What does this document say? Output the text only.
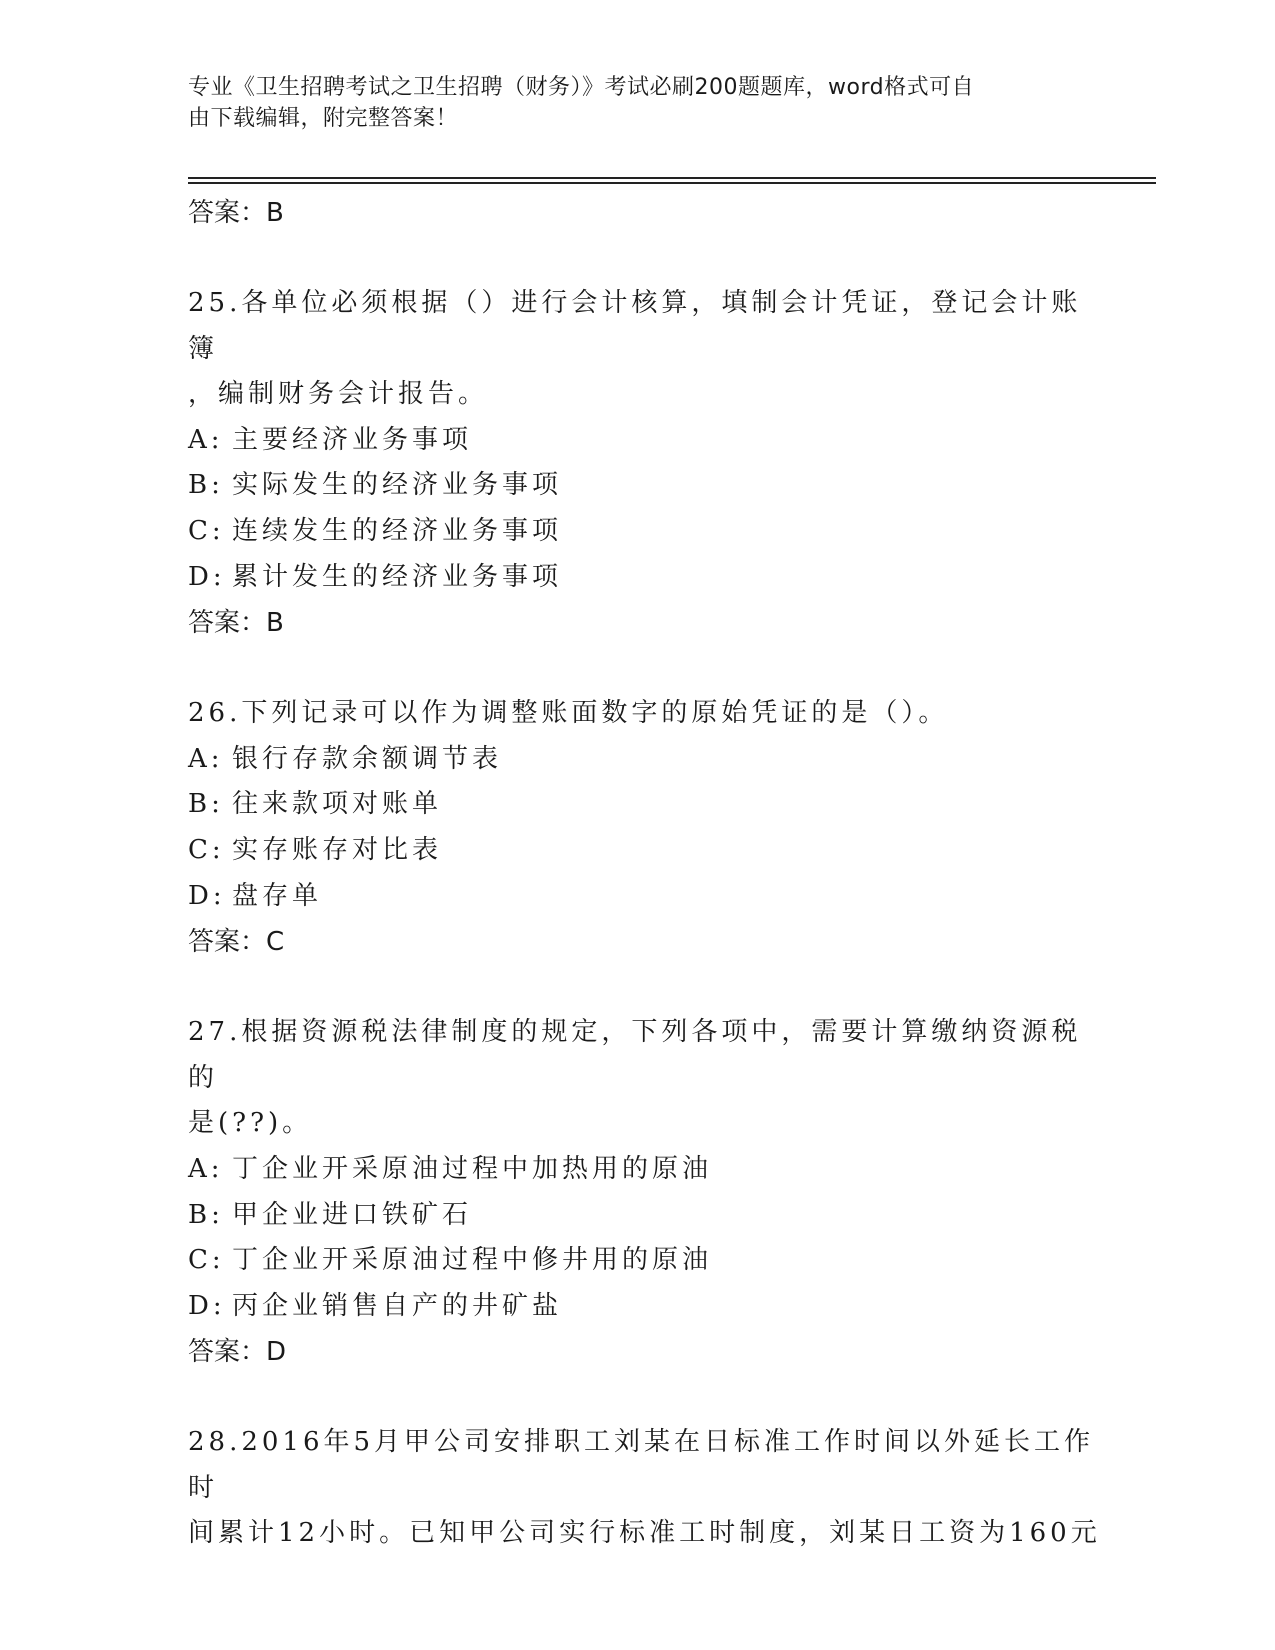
专业《卫生招聘考试之卫生招聘（财务）》考试必刷200题题库，word格式可自
由下载编辑，附完整答案！
答案：B
25.各单位必须根据（）进行会计核算，填制会计凭证，登记会计账簿
，编制财务会计报告。
A: 主要经济业务事项
B: 实际发生的经济业务事项
C: 连续发生的经济业务事项
D: 累计发生的经济业务事项
答案：B
26.下列记录可以作为调整账面数字的原始凭证的是（）。
A: 银行存款余额调节表
B: 往来款项对账单
C: 实存账存对比表
D: 盘存单
答案：C
27.根据资源税法律制度的规定，下列各项中，需要计算缴纳资源税的
是(??)。
A: 丁企业开采原油过程中加热用的原油
B: 甲企业进口铁矿石
C: 丁企业开采原油过程中修井用的原油
D: 丙企业销售自产的井矿盐
答案：D
28.2016年5月甲公司安排职工刘某在日标准工作时间以外延长工作时
间累计12小时。已知甲公司实行标准工时制度，刘某日工资为160元
